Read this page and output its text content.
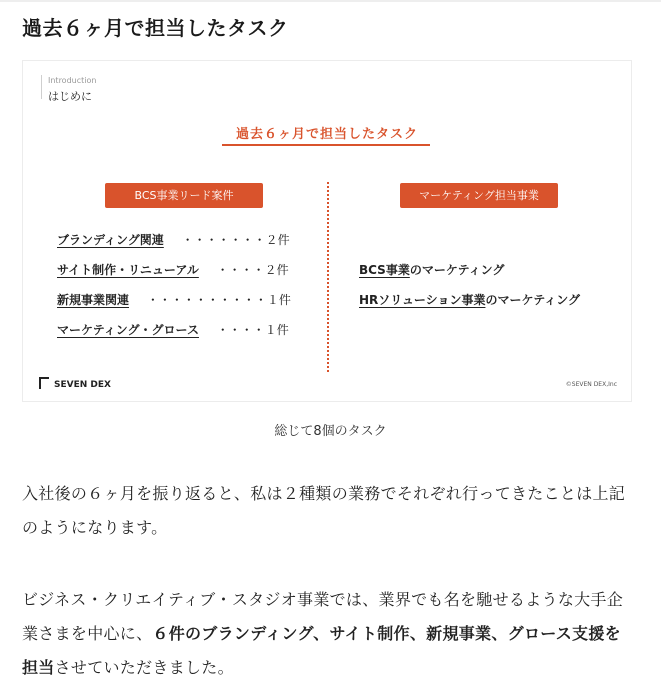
過去６ヶ月で担当したタスク
Introduction
はじめに
過去６ヶ月で担当したタスク
BCS事業リード案件	マーケティング担当事業
ブランディング関連 ・・・・・・・２件
サイト制作・リニューアル ・・・・２件
新規事業関連 ・・・・・・・・・・１件
マーケティング・グロース ・・・・１件
BCS事業のマーケティング
HRソリューション事業のマーケティング
SEVEN DEX	©SEVEN DEX,Inc
総じて8個のタスク
入社後の６ヶ月を振り返ると、私は２種類の業務でそれぞれ行ってきたことは上記のようになります。
ビジネス・クリエイティブ・スタジオ事業では、業界でも名を馳せるような大手企業さまを中心に、６件のブランディング、サイト制作、新規事業、グロース支援を担当させていただきました。
